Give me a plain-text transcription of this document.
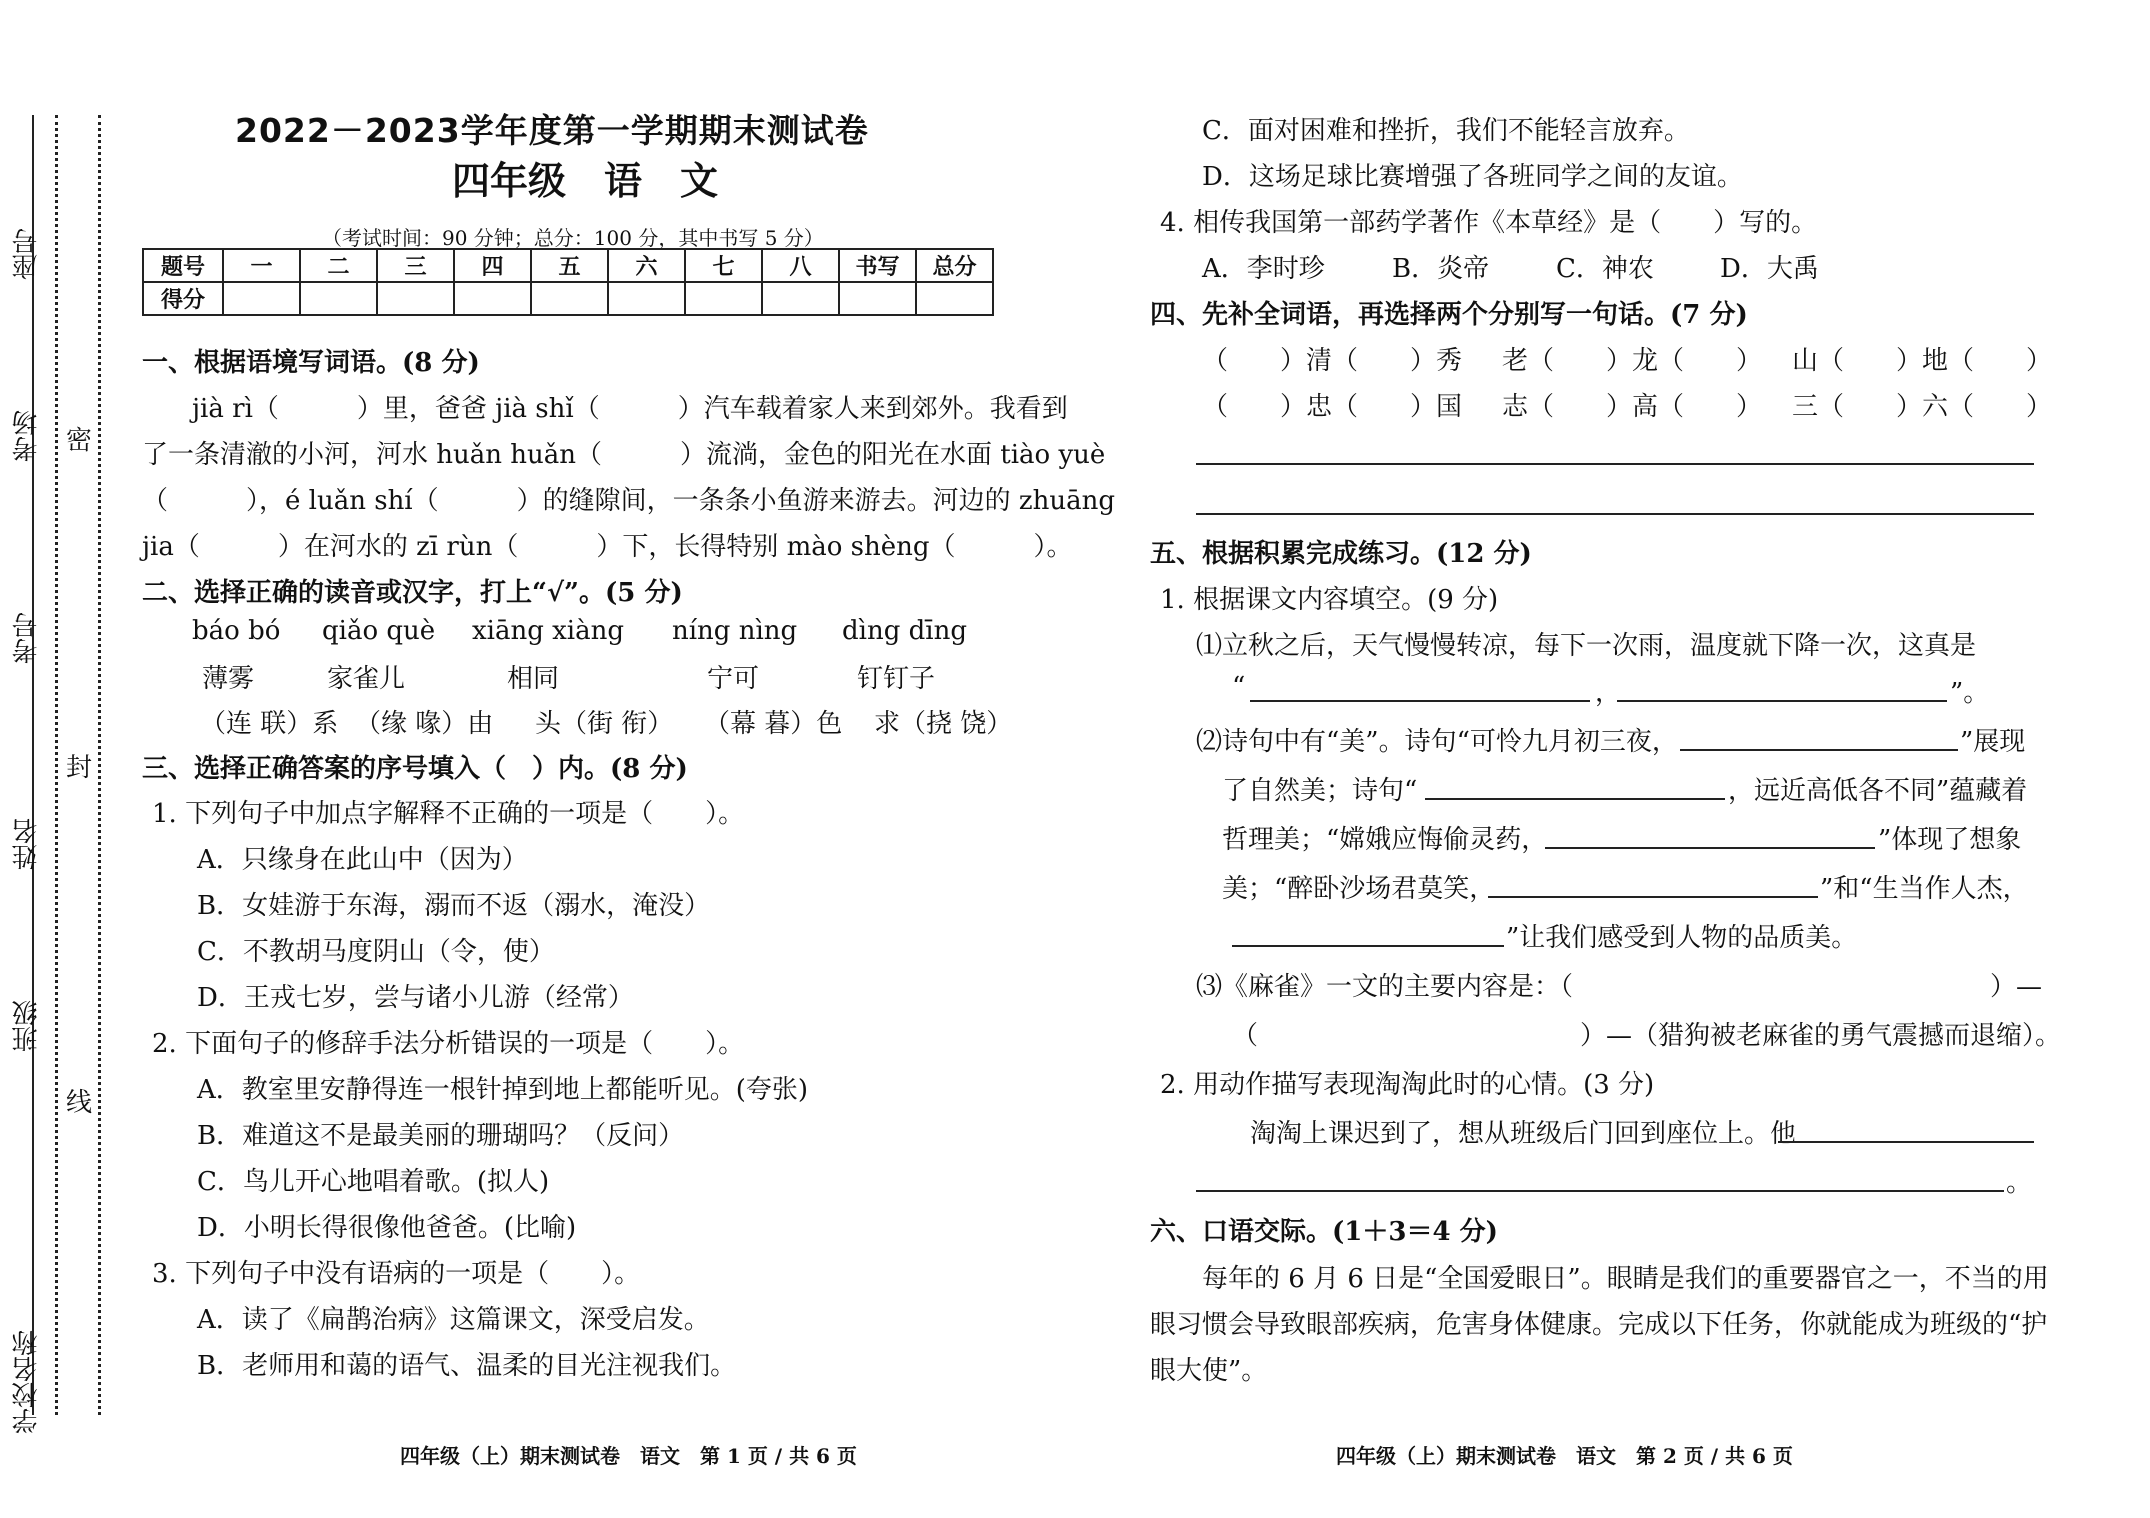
座号
考场
考号
姓名
班级
学校名称
密
封
线
2022－2023学年度第一学期期末测试卷
四年级　语　文
（考试时间：90 分钟；总分：100 分，其中书写 5 分）
题号	一	二	三	四	五	六	七	八	书写	总分
得分										
一、根据语境写词语。(8 分)
jià rì（　　　）里，爸爸 jià shǐ（　　　）汽车载着家人来到郊外。我看到
了一条清澈的小河，河水 huǎn huǎn（　　　）流淌，金色的阳光在水面 tiào yuè
（　　　），é luǎn shí（　　　）的缝隙间，一条条小鱼游来游去。河边的 zhuāng
jia（　　　）在河水的 zī rùn（　　　）下，长得特别 mào shèng（　　　）。
二、选择正确的读音或汉字，打上“√”。(5 分)
báo bó qiǎo què xiāng xiàng níng nìng dìng dīng
薄雾	家雀儿	相同	宁可	钉钉子
（连 联）系 （缘 喙）由 头（街 衔） （幕 暮）色 求（挠 饶）
三、选择正确答案的序号填入（　）内。(8 分)
1. 下列句子中加点字解释不正确的一项是（　　）。
A．只缘身在此山中（因为）
B．女娃游于东海，溺而不返（溺水，淹没）
C．不教胡马度阴山（令，使）
D．王戎七岁，尝与诸小儿游（经常）
2. 下面句子的修辞手法分析错误的一项是（　　）。
A．教室里安静得连一根针掉到地上都能听见。(夸张)
B．难道这不是最美丽的珊瑚吗？（反问）
C．鸟儿开心地唱着歌。(拟人)
D．小明长得很像他爸爸。(比喻)
3. 下列句子中没有语病的一项是（　　）。
A．读了《扁鹊治病》这篇课文，深受启发。
B．老师用和蔼的语气、温柔的目光注视我们。
四年级（上）期末测试卷　语文　第 1 页 / 共 6 页
C．面对困难和挫折，我们不能轻言放弃。
D．这场足球比赛增强了各班同学之间的友谊。
4. 相传我国第一部药学著作《本草经》是（　　）写的。
A．李时珍	B．炎帝	C．神农	D．大禹
四、先补全词语，再选择两个分别写一句话。(7 分)
（　　）清（　　）秀 老（　　）龙（　　） 山（　　）地（　　）
（　　）忠（　　）国 志（　　）高（　　） 三（　　）六（　　）
五、根据积累完成练习。(12 分)
1. 根据课文内容填空。(9 分)
⑴立秋之后，天气慢慢转凉，每下一次雨，温度就下降一次，这真是
“	，	”。
⑵诗句中有“美”。诗句“可怜九月初三夜，	”展现
了自然美；诗句“	，远近高低各不同”蕴藏着
哲理美；“嫦娥应悔偷灵药，	”体现了想象
美；“醉卧沙场君莫笑，	”和“生当作人杰，
”让我们感受到人物的品质美。
⑶《麻雀》一文的主要内容是：（	）—
（	）—（猎狗被老麻雀的勇气震撼而退缩）。
2. 用动作描写表现淘淘此时的心情。(3 分)
淘淘上课迟到了，想从班级后门回到座位上。他
。
六、口语交际。(1＋3＝4 分)
每年的 6 月 6 日是“全国爱眼日”。眼睛是我们的重要器官之一，不当的用
眼习惯会导致眼部疾病，危害身体健康。完成以下任务，你就能成为班级的“护
眼大使”。
四年级（上）期末测试卷　语文　第 2 页 / 共 6 页
